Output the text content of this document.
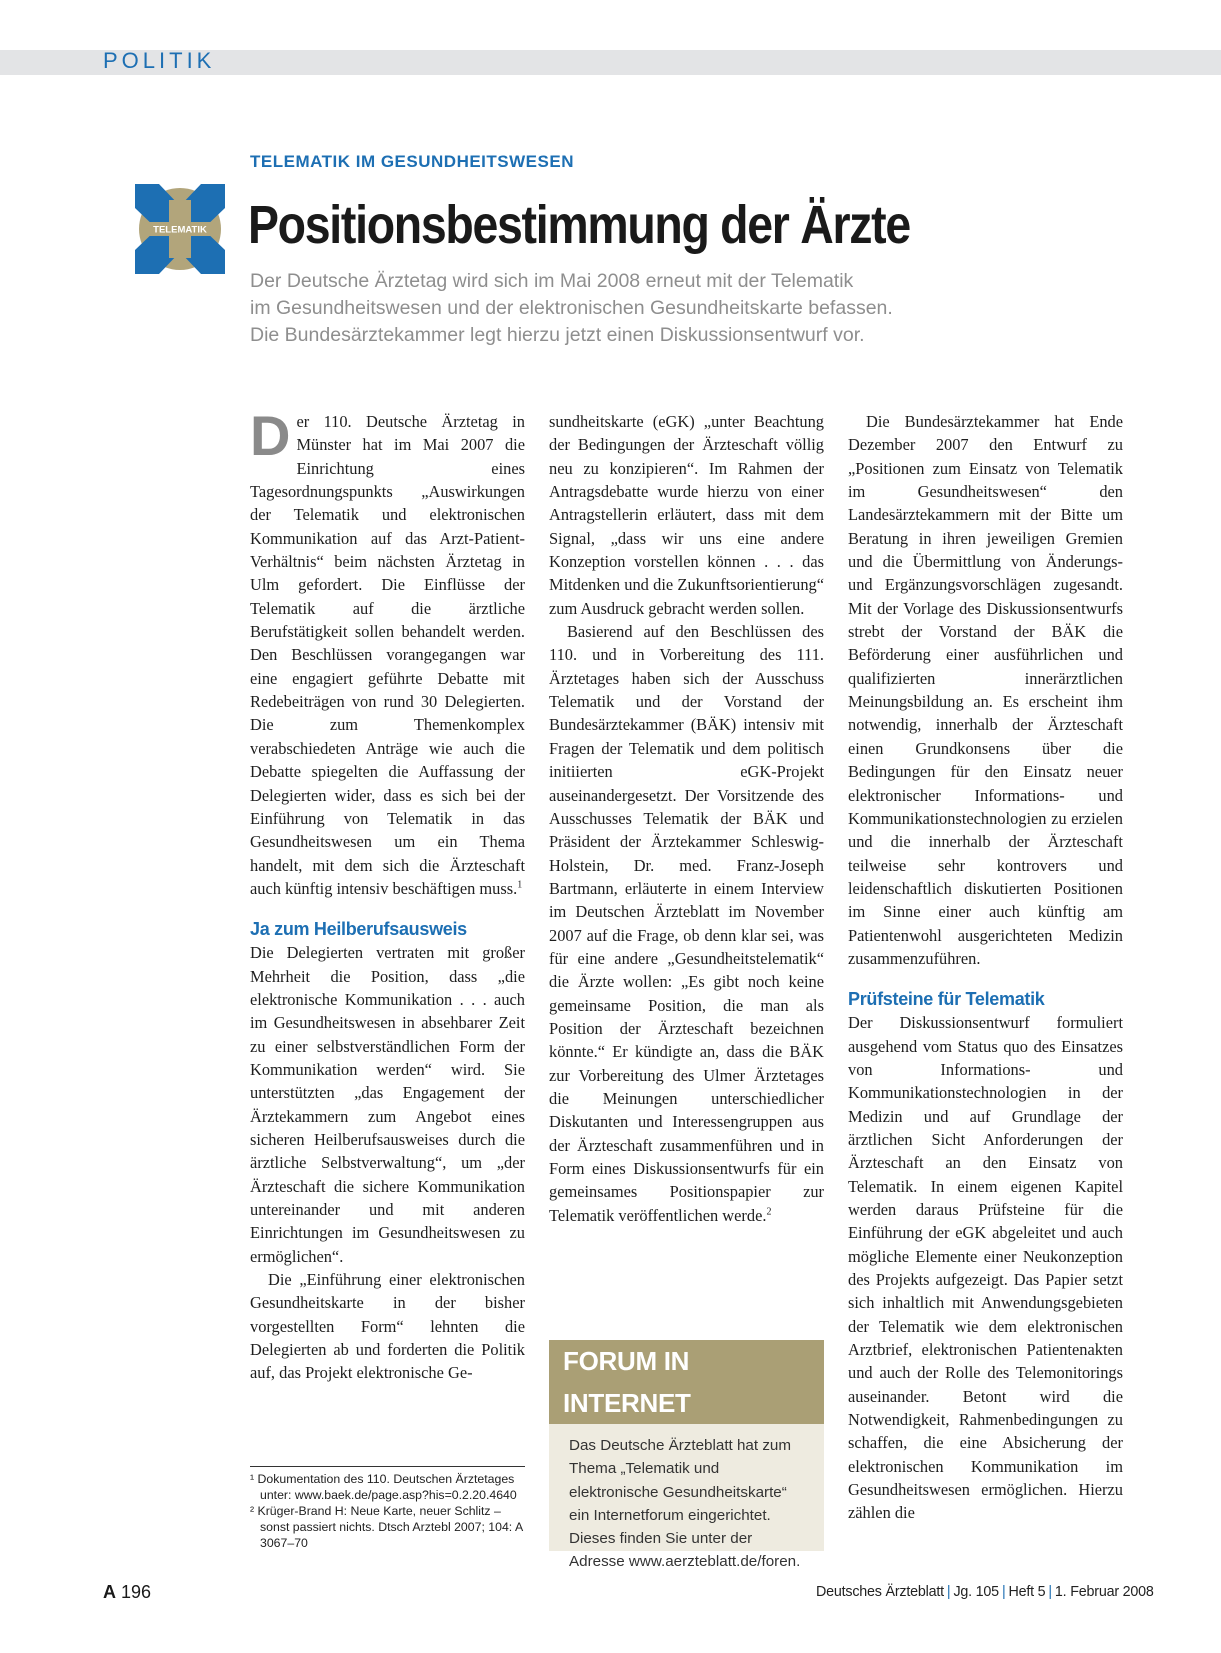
POLITIK
TELEMATIK
TELEMATIK IM GESUNDHEITSWESEN
Positionsbestimmung der Ärzte

Der Deutsche Ärztetag wird sich im Mai 2008 erneut mit der Telematik

im Gesundheitswesen und der elektronischen Gesundheitskarte befassen.

Die Bundesärztekammer legt hierzu jetzt einen Diskussionsentwurf vor.

Der 110. Deutsche Ärztetag in Münster hat im Mai 2007 die Einrichtung eines Tagesordnungspunkts „Auswirkungen der Telematik und elektronischen Kommunikation auf das Arzt-Patient-Verhältnis“ beim nächsten Ärztetag in Ulm gefordert. Die Einflüsse der Telematik auf die ärztliche Berufstätigkeit sollen behandelt werden. Den Beschlüssen vorangegangen war eine engagiert geführte Debatte mit Redebeiträgen von rund 30 Delegierten. Die zum Themenkomplex verabschiedeten Anträge wie auch die Debatte spiegelten die Auffassung der Delegierten wider, dass es sich bei der Einführung von Telematik in das Gesundheitswesen um ein Thema handelt, mit dem sich die Ärzteschaft auch künftig intensiv beschäftigen muss.$^1$

Ja zum Heilberufsausweis

Die Delegierten vertraten mit großer Mehrheit die Position, dass „die elektronische Kommunikation . . . auch im Gesundheitswesen in absehbarer Zeit zu einer selbstverständlichen Form der Kommunikation werden“ wird. Sie unterstützten „das Engagement der Ärztekammern zum Angebot eines sicheren Heilberufsausweises durch die ärztliche Selbstverwaltung“, um „der Ärzteschaft die sichere Kommunikation untereinander und mit anderen Einrichtungen im Gesundheitswesen zu ermöglichen“.

Die „Einführung einer elektronischen Gesundheitskarte in der bisher vorgestellten Form“ lehnten die Delegierten ab und forderten die Politik auf, das Projekt elektronische Ge-

sundheitskarte (eGK) „unter Beachtung der Bedingungen der Ärzteschaft völlig neu zu konzipieren“. Im Rahmen der Antragsdebatte wurde hierzu von einer Antragstellerin erläutert, dass mit dem Signal, „dass wir uns eine andere Konzeption vorstellen können . . . das Mitdenken und die Zukunftsorientierung“ zum Ausdruck gebracht werden sollen.

Basierend auf den Beschlüssen des 110. und in Vorbereitung des 111. Ärztetages haben sich der Ausschuss Telematik und der Vorstand der Bundesärztekammer (BÄK) intensiv mit Fragen der Telematik und dem politisch initiierten eGK-Projekt auseinandergesetzt. Der Vorsitzende des Ausschusses Telematik der BÄK und Präsident der Ärztekammer Schleswig-Holstein, Dr. med. Franz-Joseph Bartmann, erläuterte in einem Interview im Deutschen Ärzteblatt im November 2007 auf die Frage, ob denn klar sei, was für eine andere „Gesundheitstelematik“ die Ärzte wollen: „Es gibt noch keine gemeinsame Position, die man als Position der Ärzteschaft bezeichnen könnte.“ Er kündigte an, dass die BÄK zur Vorbereitung des Ulmer Ärztetages die Meinungen unterschiedlicher Diskutanten und Interessengruppen aus der Ärzteschaft zusammenführen und in Form eines Diskussionsentwurfs für ein gemeinsames Positionspapier zur Telematik veröffentlichen werde.$^2$

Die Bundesärztekammer hat Ende Dezember 2007 den Entwurf zu „Positionen zum Einsatz von Telematik im Gesundheitswesen“ den Landesärztekammern mit der Bitte um Beratung in ihren jeweiligen Gremien und die Übermittlung von Änderungs- und Ergänzungsvorschlägen zugesandt. Mit der Vorlage des Diskussionsentwurfs strebt der Vorstand der BÄK die Beförderung einer ausführlichen und qualifizierten innerärztlichen Meinungsbildung an. Es erscheint ihm notwendig, innerhalb der Ärzteschaft einen Grundkonsens über die Bedingungen für den Einsatz neuer elektronischer Informations- und Kommunikationstechnologien zu erzielen und die innerhalb der Ärzteschaft teilweise sehr kontrovers und leidenschaftlich diskutierten Positionen im Sinne einer auch künftig am Patientenwohl ausgerichteten Medizin zusammenzuführen.

Prüfsteine für Telematik

Der Diskussionsentwurf formuliert ausgehend vom Status quo des Einsatzes von Informations- und Kommunikationstechnologien in der Medizin und auf Grundlage der ärztlichen Sicht Anforderungen der Ärzteschaft an den Einsatz von Telematik. In einem eigenen Kapitel werden daraus Prüfsteine für die Einführung der eGK abgeleitet und auch mögliche Elemente einer Neukonzeption des Projekts aufgezeigt. Das Papier setzt sich inhaltlich mit Anwendungsgebieten der Telematik wie dem elektronischen Arztbrief, elektronischen Patientenakten und auch der Rolle des Telemonitorings auseinander. Betont wird die Notwendigkeit, Rahmenbedingungen zu schaffen, die eine Absicherung der elektronischen Kommunikation im Gesundheitswesen ermöglichen. Hierzu zählen die

¹ Dokumentation des 110. Deutschen Ärztetages unter: www.baek.de/page.asp?his=0.2.20.4640

² Krüger-Brand H: Neue Karte, neuer Schlitz – sonst passiert nichts. Dtsch Arztebl 2007; 104: A 3067–70

FORUM IN INTERNET

Das Deutsche Ärzteblatt hat zum Thema „Telematik und elektronische Gesundheitskarte“ ein Internetforum eingerichtet.

Dieses finden Sie unter der Adresse www.aerzteblatt.de/foren.

A 196	Deutsches Ärzteblatt | Jg. 105 | Heft 5 | 1. Februar 2008
